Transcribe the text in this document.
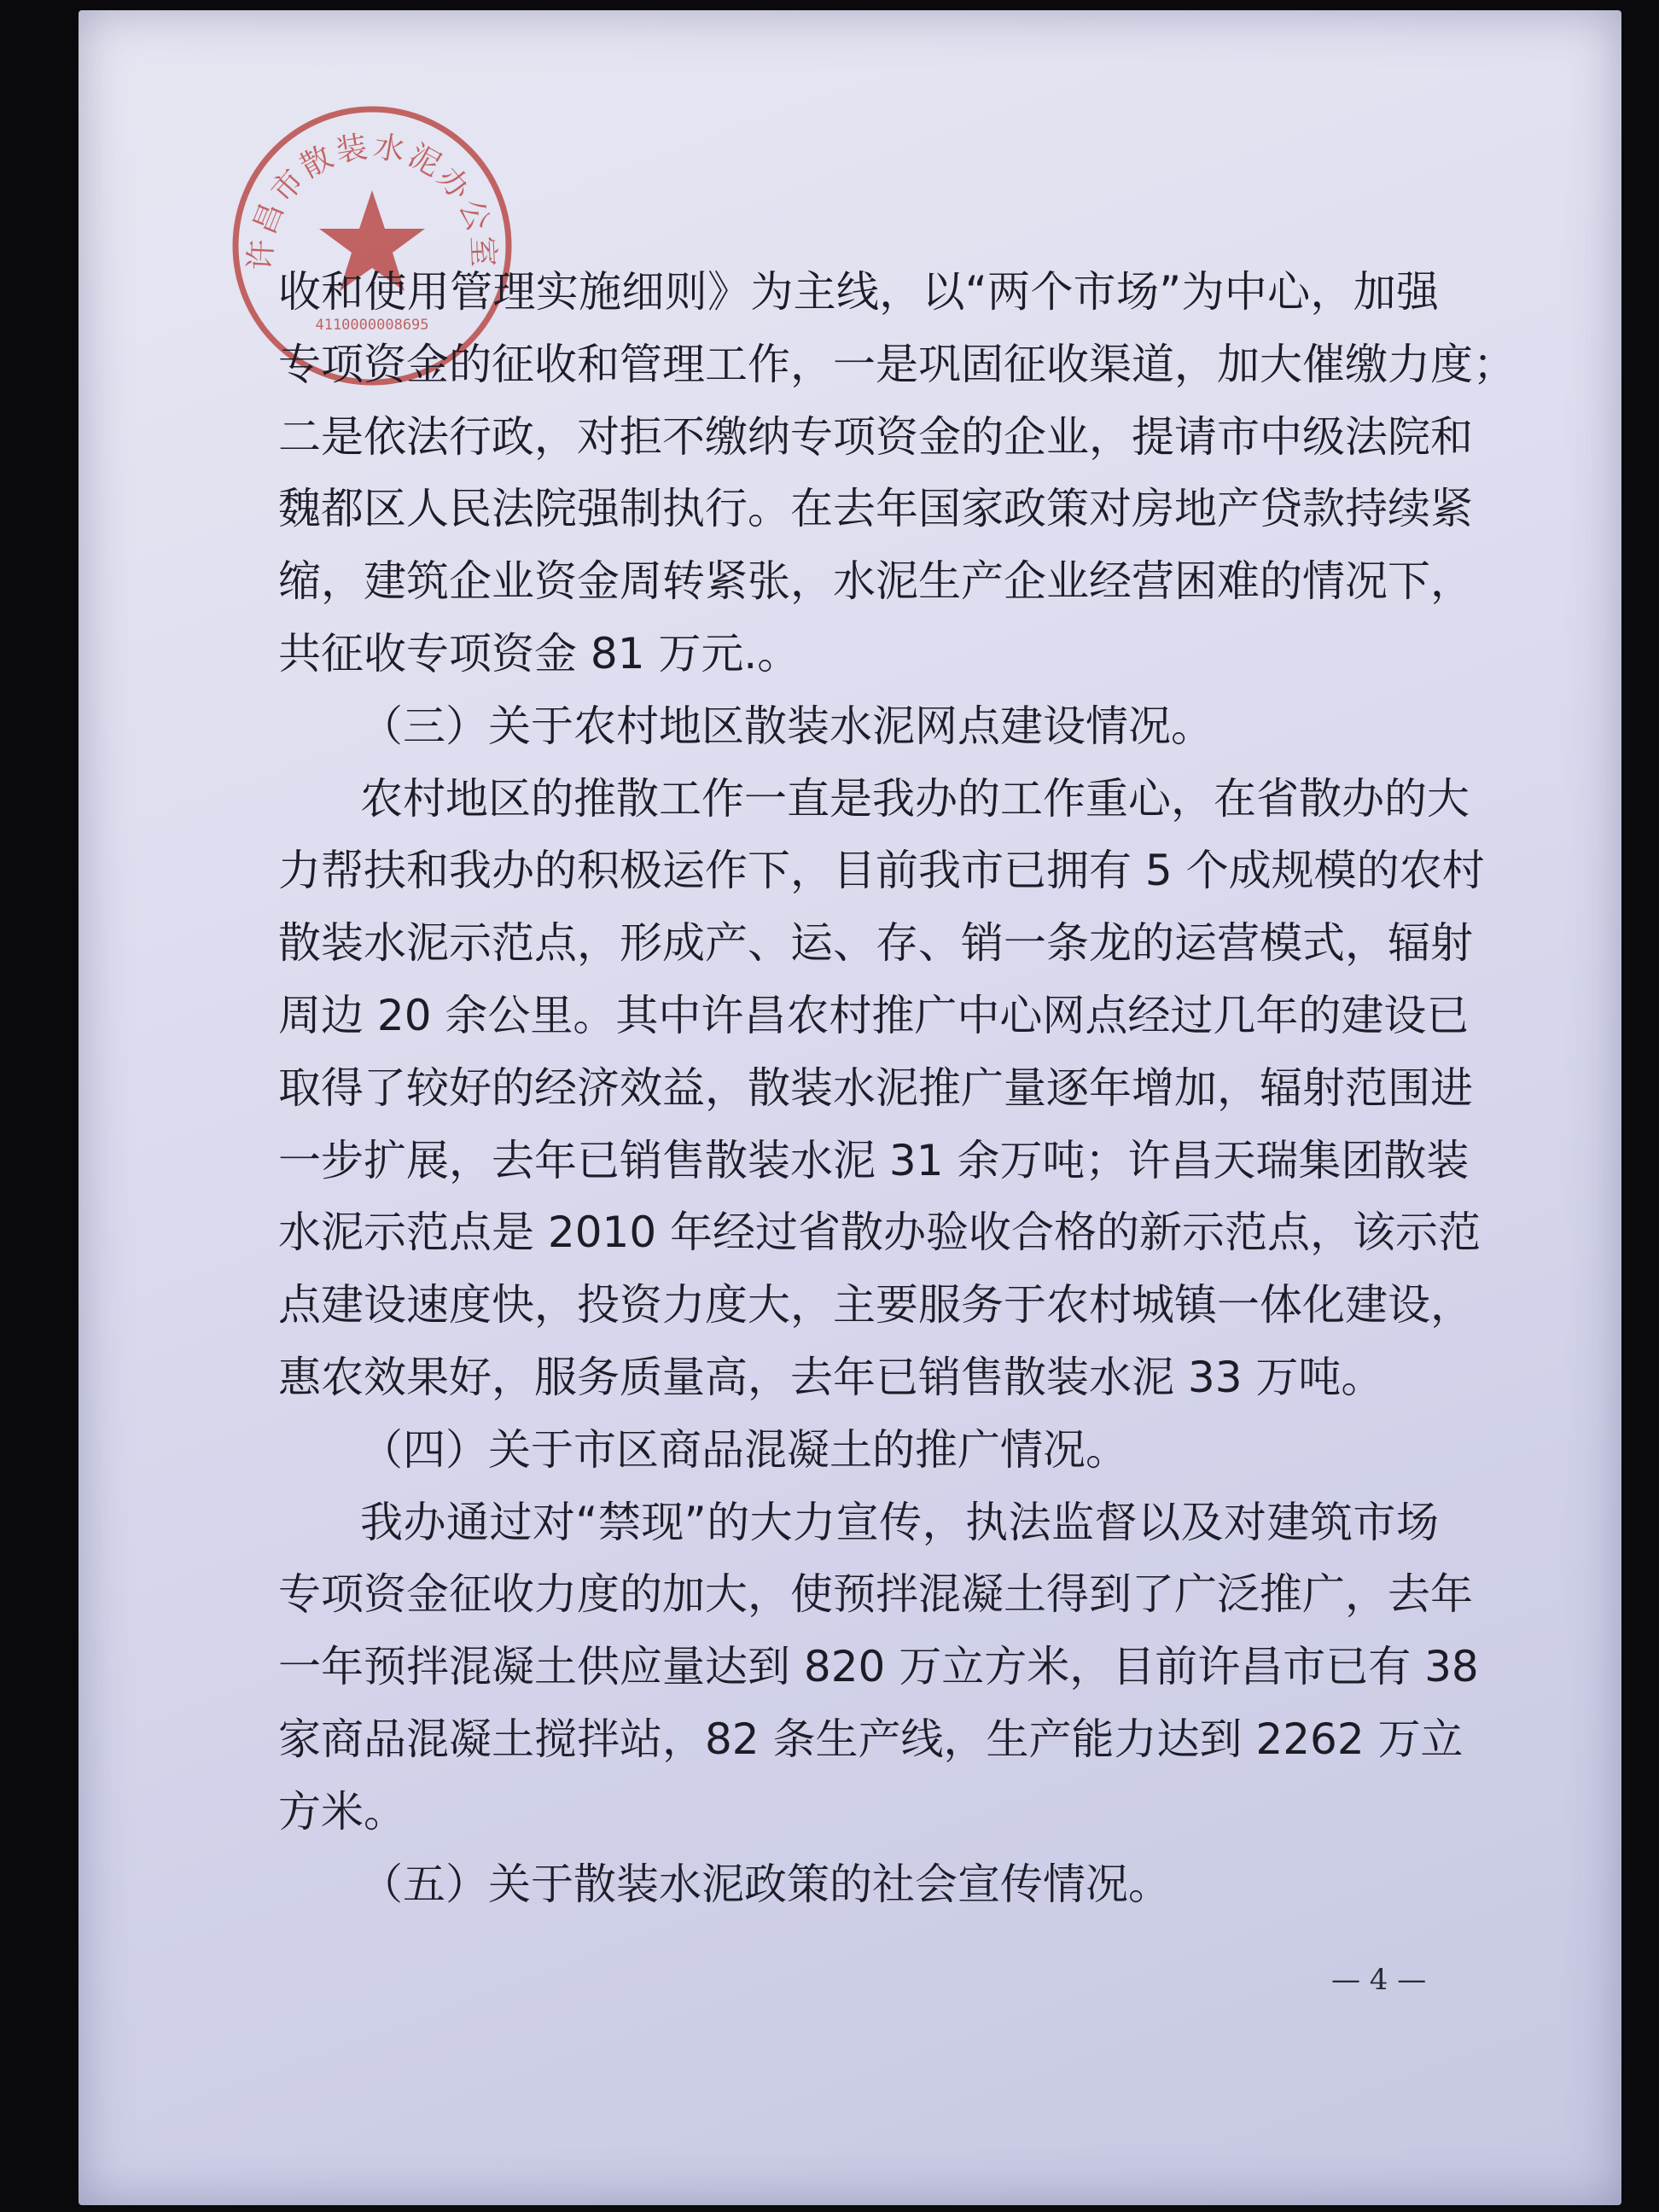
许昌市散装水泥办公室
4110000008695
收和使用管理实施细则》为主线，以“两个市场”为中心，加强
专项资金的征收和管理工作，一是巩固征收渠道，加大催缴力度；
二是依法行政，对拒不缴纳专项资金的企业，提请市中级法院和
魏都区人民法院强制执行。在去年国家政策对房地产贷款持续紧
缩，建筑企业资金周转紧张，水泥生产企业经营困难的情况下，
共征收专项资金 81 万元.。
（三）关于农村地区散装水泥网点建设情况。
农村地区的推散工作一直是我办的工作重心，在省散办的大
力帮扶和我办的积极运作下，目前我市已拥有 5 个成规模的农村
散装水泥示范点，形成产、运、存、销一条龙的运营模式，辐射
周边 20 余公里。其中许昌农村推广中心网点经过几年的建设已
取得了较好的经济效益，散装水泥推广量逐年增加，辐射范围进
一步扩展，去年已销售散装水泥 31 余万吨；许昌天瑞集团散装
水泥示范点是 2010 年经过省散办验收合格的新示范点，该示范
点建设速度快，投资力度大，主要服务于农村城镇一体化建设，
惠农效果好，服务质量高，去年已销售散装水泥 33 万吨。
（四）关于市区商品混凝土的推广情况。
我办通过对“禁现”的大力宣传，执法监督以及对建筑市场
专项资金征收力度的加大，使预拌混凝土得到了广泛推广，去年
一年预拌混凝土供应量达到 820 万立方米，目前许昌市已有 38
家商品混凝土搅拌站，82 条生产线，生产能力达到 2262 万立
方米。
（五）关于散装水泥政策的社会宣传情况。
— 4 —
